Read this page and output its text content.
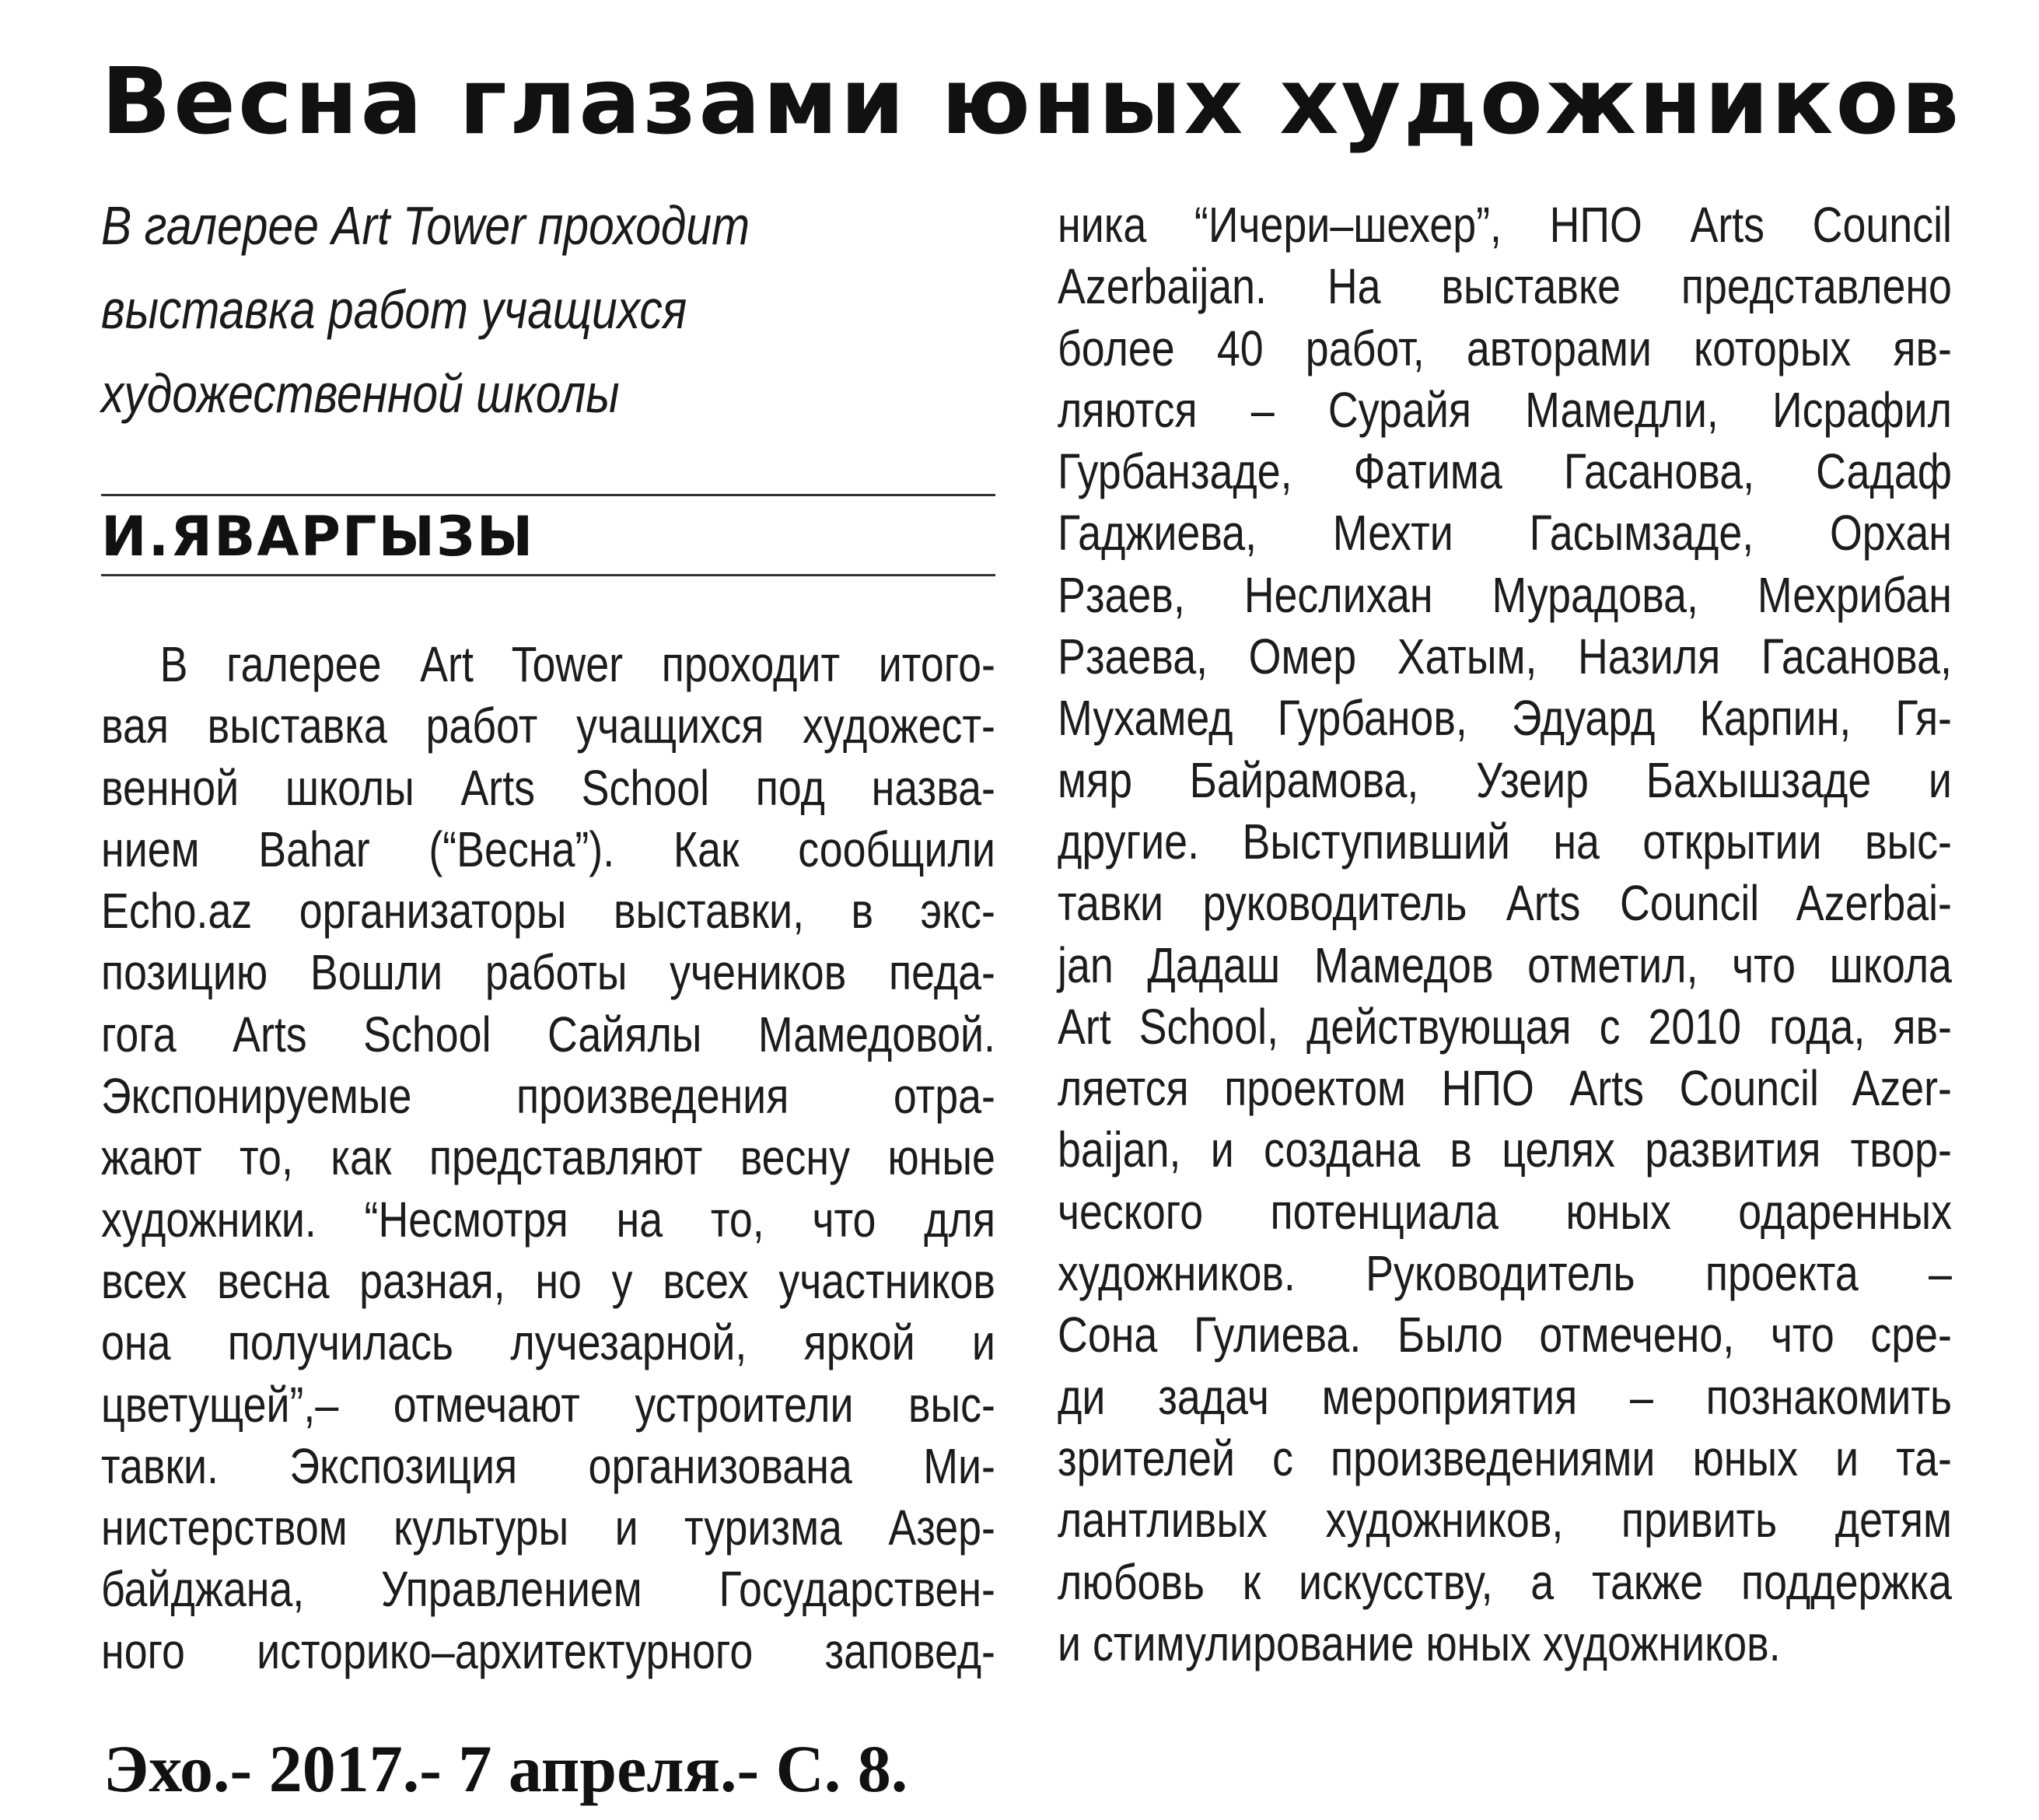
Весна глазами юных художников
В галерее Art Tower проходит
выставка работ учащихся
художественной школы
И.ЯВАРГЫЗЫ
В галерее Art Tower проходит итого-
вая выставка работ учащихся художест-
венной школы Arts School под назва-
нием Bahar (“Весна”). Как сообщили
Echo.az организаторы выставки, в экс-
позицию Вошли работы учеников педа-
гога Arts School Сайялы Мамедовой.
Экспонируемые произведения отра-
жают то, как представляют весну юные
художники. “Несмотря на то, что для
всех весна разная, но у всех участников
она получилась лучезарной, яркой и
цветущей”,– отмечают устроители выс-
тавки. Экспозиция организована Ми-
нистерством культуры и туризма Азер-
байджана, Управлением Государствен-
ного историко–архитектурного заповед-
ника “Ичери–шехер”, НПО Arts Council
Azerbaijan. На выставке представлено
более 40 работ, авторами которых яв-
ляются – Сурайя Мамедли, Исрафил
Гурбанзаде, Фатима Гасанова, Садаф
Гаджиева, Мехти Гасымзаде, Орхан
Рзаев, Неслихан Мурадова, Мехрибан
Рзаева, Омер Хатым, Назиля Гасанова,
Мухамед Гурбанов, Эдуард Карпин, Гя-
мяр Байрамова, Узеир Бахышзаде и
другие. Выступивший на открытии выс-
тавки руководитель Arts Council Azerbai-
jan Дадаш Мамедов отметил, что школа
Art School, действующая с 2010 года, яв-
ляется проектом НПО Arts Council Azer-
baijan, и создана в целях развития твор-
ческого потенциала юных одаренных
художников. Руководитель проекта –
Сона Гулиева. Было отмечено, что сре-
ди задач мероприятия – познакомить
зрителей с произведениями юных и та-
лантливых художников, привить детям
любовь к искусству, а также поддержка
и стимулирование юных художников.

Эхо.- 2017.- 7 апреля.- С. 8.
